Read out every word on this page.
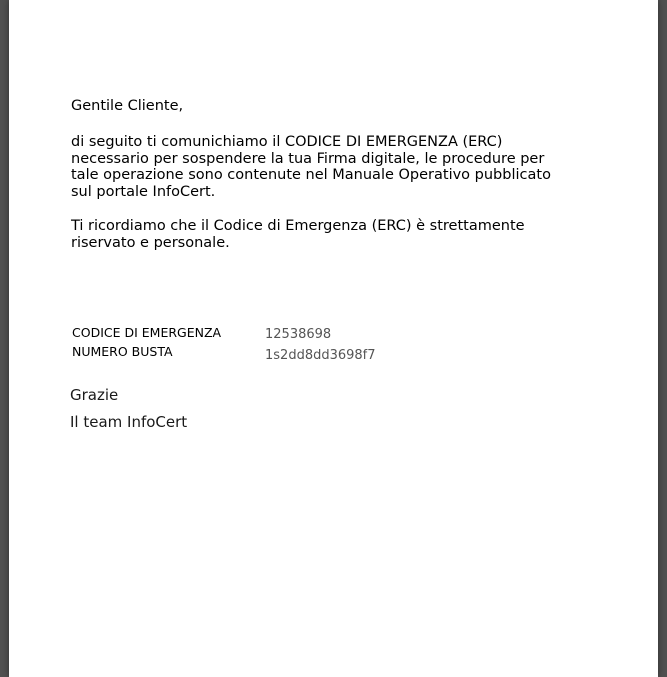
Gentile Cliente,
di seguito ti comunichiamo il CODICE DI EMERGENZA (ERC)
necessario per sospendere la tua Firma digitale, le procedure per
tale operazione sono contenute nel Manuale Operativo pubblicato
sul portale InfoCert.
Ti ricordiamo che il Codice di Emergenza (ERC) è strettamente
riservato e personale.
CODICE DI EMERGENZA
NUMERO BUSTA
12538698
1s2dd8dd3698f7
Grazie
Il team InfoCert
